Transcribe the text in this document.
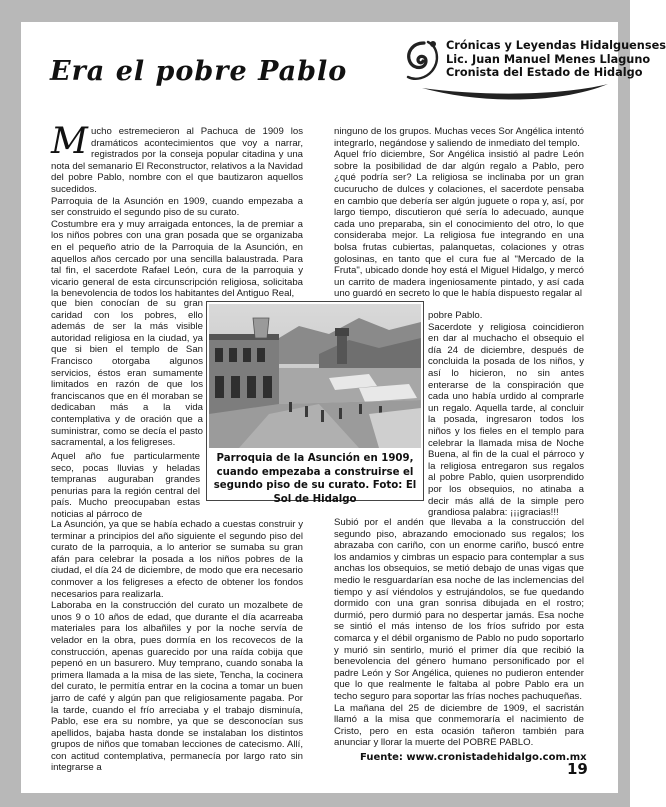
Era el pobre Pablo
Crónicas y Leyendas Hidalguenses
Lic. Juan Manuel Menes Llaguno
Cronista del Estado de Hidalgo

Mucho estremecieron al Pachuca de 1909 los dramáticos acontecimientos que voy a narrar, registrados por la conseja popular citadina y una nota del semanario El Reconstructor, relativos a la Navidad del pobre Pablo, nombre con el que bautizaron aquellos sucedidos.

Parroquia de la Asunción en 1909, cuando empezaba a ser construido el segundo piso de su curato.

Costumbre era y muy arraigada entonces, la de premiar a los niños pobres con una gran posada que se organizaba en el pequeño atrio de la Parroquia de la Asunción, en aquellos años cercado por una sencilla balaustrada. Para tal fin, el sacerdote Rafael León, cura de la parroquia y vicario general de esta circunscripción religiosa, solicitaba la benevolencia de todos los habitantes del Antiguo Real,

que bien conocían de su gran caridad con los pobres, ello además de ser la más visible autoridad religiosa en la ciudad, ya que si bien el templo de San Francisco otorgaba algunos servicios, éstos eran sumamente limitados en razón de que los franciscanos que en él moraban se dedicaban más a la vida contemplativa y de oración que a suministrar, como se decía el pasto sacramental, a los feligreses.

Aquel año fue particularmente seco, pocas lluvias y heladas tempranas auguraban grandes penurias para la región central del país. Mucho preocupaban estas noticias al párroco de

La Asunción, ya que se había echado a cuestas construir y terminar a principios del año siguiente el segundo piso del curato de la parroquia, a lo anterior se sumaba su gran afán para celebrar la posada a los niños pobres de la ciudad, el día 24 de diciembre, de modo que era necesario conmover a los feligreses a efecto de obtener los fondos necesarios para realizarla.

Laboraba en la construcción del curato un mozalbete de unos 9 o 10 años de edad, que durante el día acarreaba materiales para los albañiles y por la noche servía de velador en la obra, pues dormía en los recovecos de la construcción, apenas guarecido por una raída cobija que pepenó en un basurero. Muy temprano, cuando sonaba la primera llamada a la misa de las siete, Tencha, la cocinera del curato, le permitía entrar en la cocina a tomar un buen jarro de café y algún pan que religiosamente pagaba. Por la tarde, cuando el frío arreciaba y el trabajo disminuía, Pablo, ese era su nombre, ya que se desconocían sus apellidos, bajaba hasta donde se instalaban los distintos grupos de niños que tomaban lecciones de catecismo. Allí, con actitud contemplativa, permanecía por largo rato sin integrarse a

ninguno de los grupos. Muchas veces Sor Angélica intentó integrarlo, negándose y saliendo de inmediato del templo.

Aquel frío diciembre, Sor Angélica insistió al padre León sobre la posibilidad de dar algún regalo a Pablo, pero ¿qué podría ser? La religiosa se inclinaba por un gran cucurucho de dulces y colaciones, el sacerdote pensaba en cambio que debería ser algún juguete o ropa y, así, por largo tiempo, discutieron qué sería lo adecuado, aunque cada uno preparaba, sin el conocimiento del otro, lo que consideraba mejor. La religiosa fue integrando en una bolsa frutas cubiertas, palanquetas, colaciones y otras golosinas, en tanto que el cura fue al "Mercado de la Fruta", ubicado donde hoy está el Miguel Hidalgo, y mercó un carrito de madera ingeniosamente pintado, y así cada uno guardó en secreto lo que le había dispuesto regalar al

pobre Pablo.

Sacerdote y religiosa coincidieron en dar al muchacho el obsequio el día 24 de diciembre, después de concluida la posada de los niños, y así lo hicieron, no sin antes enterarse de la conspiración que cada uno había urdido al comprarle un regalo. Aquella tarde, al concluir la posada, ingresaron todos los niños y los fieles en el templo para celebrar la llamada misa de Noche Buena, al fin de la cual el párroco y la religiosa entregaron sus regalos al pobre Pablo, quien usorprendido por los obsequios, no atinaba a decir más allá de la simple pero grandiosa palabra: ¡¡¡gracias!!!

Subió por el andén que llevaba a la construcción del segundo piso, abrazando emocionado sus regalos; los abrazaba con cariño, con un enorme cariño, buscó entre los andamios y cimbras un espacio para contemplar a sus anchas los obsequios, se metió debajo de unas vigas que medio le resguardarían esa noche de las inclemencias del tiempo y así viéndolos y estrujándolos, se fue quedando dormido con una gran sonrisa dibujada en el rostro; durmió, pero durmió para no despertar jamás. Esa noche se sintió el más intenso de los fríos sufrido por esta comarca y el débil organismo de Pablo no pudo soportarlo y murió sin sentirlo, murió el primer día que recibió la benevolencia del género humano personificado por el padre León y Sor Angélica, quienes no pudieron entender que lo que realmente le faltaba al pobre Pablo era un techo seguro para soportar las frías noches pachuqueñas.

La mañana del 25 de diciembre de 1909, el sacristán llamó a la misa que conmemoraría el nacimiento de Cristo, pero en esta ocasión tañeron también para anunciar y llorar la muerte del POBRE PABLO.

Parroquia de la Asunción en 1909, cuando empezaba a construirse el segundo piso de su curato. Foto: El Sol de Hidalgo
Fuente: www.cronistadehidalgo.com.mx
19
